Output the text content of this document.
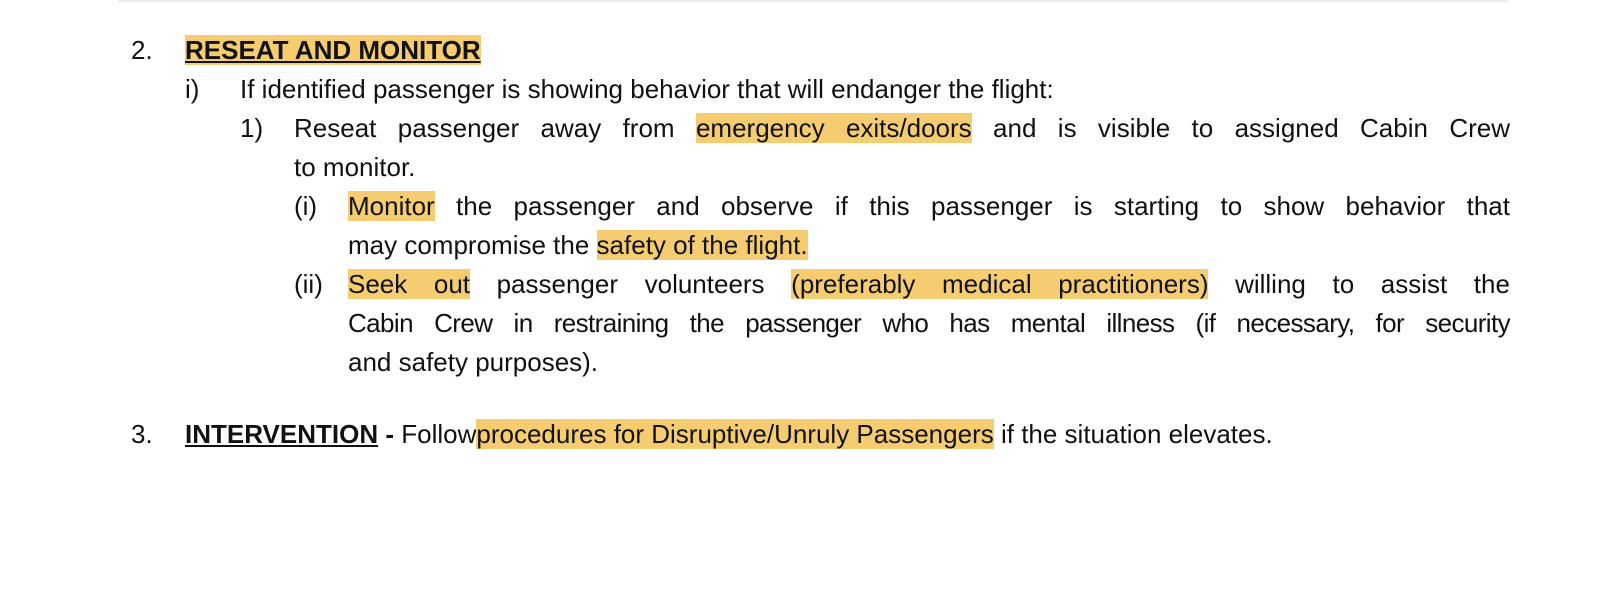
2. RESEAT AND MONITOR
i) If identified passenger is showing behavior that will endanger the flight:
1) Reseat passenger away from emergency exits/doors and is visible to assigned Cabin Crew
to monitor.
(i) Monitor the passenger and observe if this passenger is starting to show behavior that
may compromise the safety of the flight.
(ii) Seek out passenger volunteers (preferably medical practitioners) willing to assist the
Cabin Crew in restraining the passenger who has mental illness (if necessary, for security
and safety purposes).
3. INTERVENTION - Followprocedures for Disruptive/Unruly Passengers if the situation elevates.
